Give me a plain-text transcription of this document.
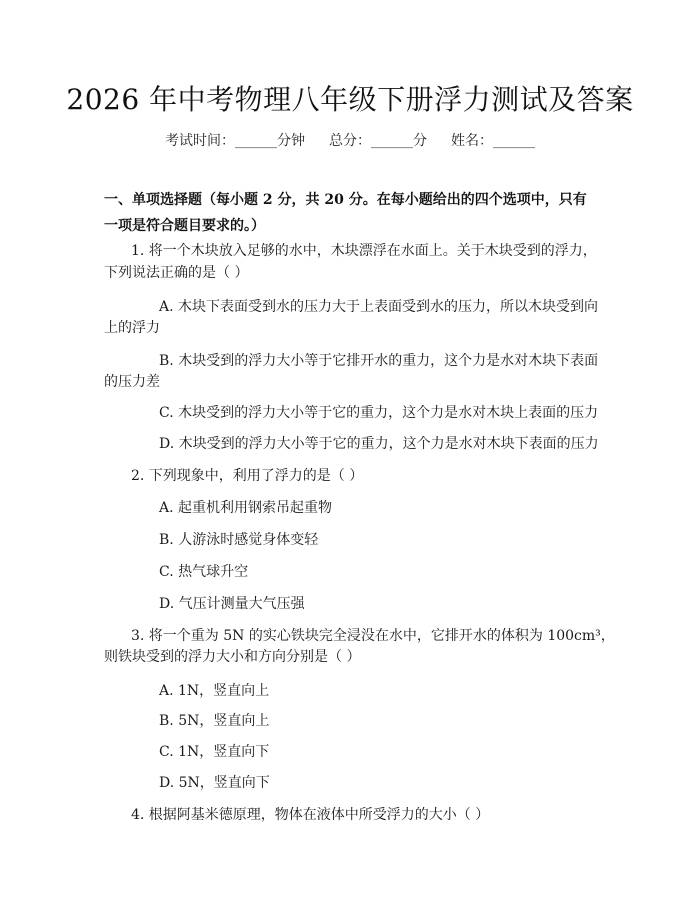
2026 年中考物理八年级下册浮力测试及答案
考试时间：______分钟 总分：______分 姓名：______
一、单项选择题（每小题 2 分，共 20 分。在每小题给出的四个选项中，只有一项是符合题目要求的。）
1. 将一个木块放入足够的水中，木块漂浮在水面上。关于木块受到的浮力，
下列说法正确的是（ ）
A. 木块下表面受到水的压力大于上表面受到水的压力，所以木块受到向
上的浮力
B. 木块受到的浮力大小等于它排开水的重力，这个力是水对木块下表面
的压力差
C. 木块受到的浮力大小等于它的重力，这个力是水对木块上表面的压力
D. 木块受到的浮力大小等于它的重力，这个力是水对木块下表面的压力
2. 下列现象中，利用了浮力的是（ ）
A. 起重机利用钢索吊起重物
B. 人游泳时感觉身体变轻
C. 热气球升空
D. 气压计测量大气压强
3. 将一个重为 5N 的实心铁块完全浸没在水中，它排开水的体积为 100cm³，
则铁块受到的浮力大小和方向分别是（ ）
A. 1N，竖直向上
B. 5N，竖直向上
C. 1N，竖直向下
D. 5N，竖直向下
4. 根据阿基米德原理，物体在液体中所受浮力的大小（ ）
